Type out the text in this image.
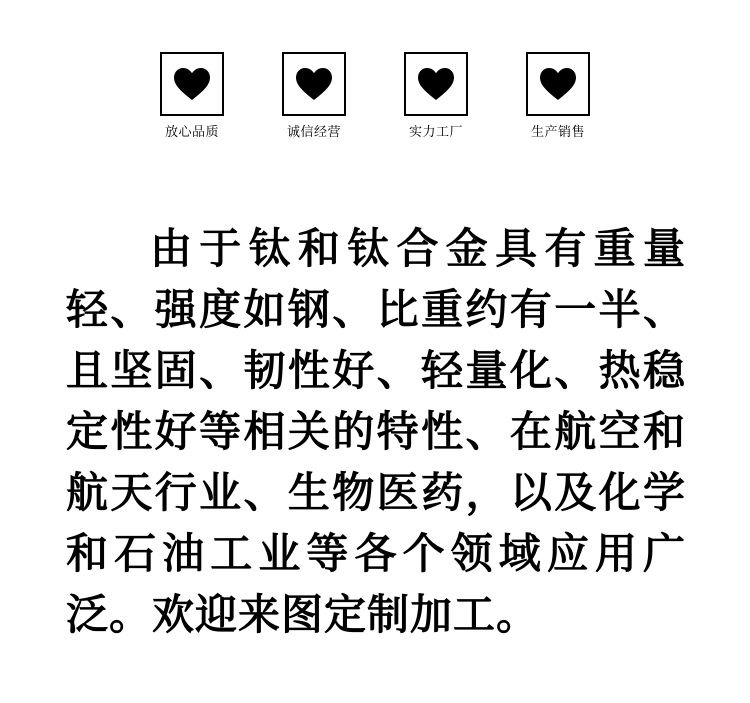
放心品质	诚信经营	实力工厂	生产销售
由于钛和钛合金具有重量轻、强度如钢、比重约有一半、且坚固、韧性好、轻量化、热稳定性好等相关的特性、在航空和航天行业、生物医药，以及化学和石油工业等各个领域应用广泛。欢迎来图定制加工。
